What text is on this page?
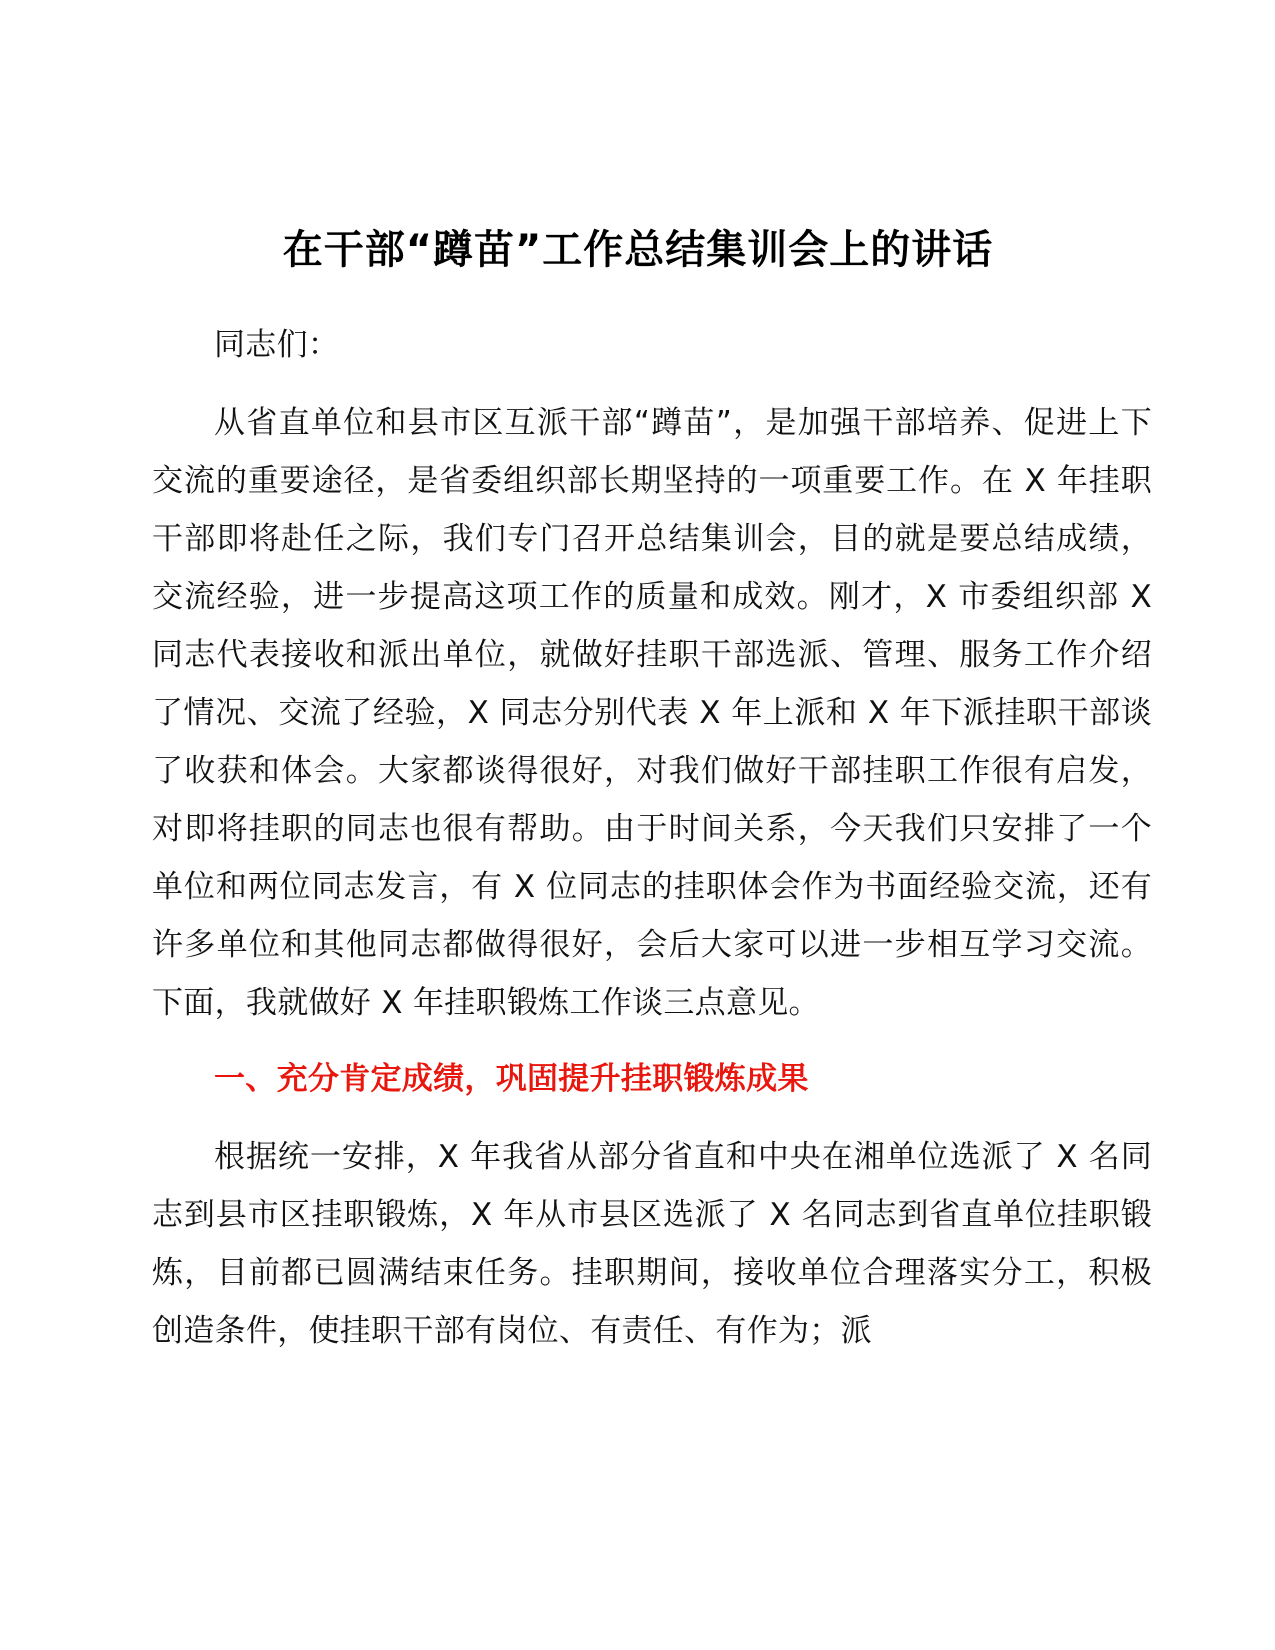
在干部“蹲苗”工作总结集训会上的讲话

同志们：

从省直单位和县市区互派干部“蹲苗”，是加强干部培养、促进上下交流的重要途径，是省委组织部长期坚持的一项重要工作。在 X 年挂职干部即将赴任之际，我们专门召开总结集训会，目的就是要总结成绩，交流经验，进一步提高这项工作的质量和成效。刚才，X 市委组织部 X 同志代表接收和派出单位，就做好挂职干部选派、管理、服务工作介绍了情况、交流了经验，X 同志分别代表 X 年上派和 X 年下派挂职干部谈了收获和体会。大家都谈得很好，对我们做好干部挂职工作很有启发，对即将挂职的同志也很有帮助。由于时间关系，今天我们只安排了一个单位和两位同志发言，有 X 位同志的挂职体会作为书面经验交流，还有许多单位和其他同志都做得很好，会后大家可以进一步相互学习交流。下面，我就做好 X 年挂职锻炼工作谈三点意见。

一、充分肯定成绩，巩固提升挂职锻炼成果

根据统一安排，X 年我省从部分省直和中央在湘单位选派了 X 名同志到县市区挂职锻炼，X 年从市县区选派了 X 名同志到省直单位挂职锻炼，目前都已圆满结束任务。挂职期间，接收单位合理落实分工，积极创造条件，使挂职干部有岗位、有责任、有作为；派
